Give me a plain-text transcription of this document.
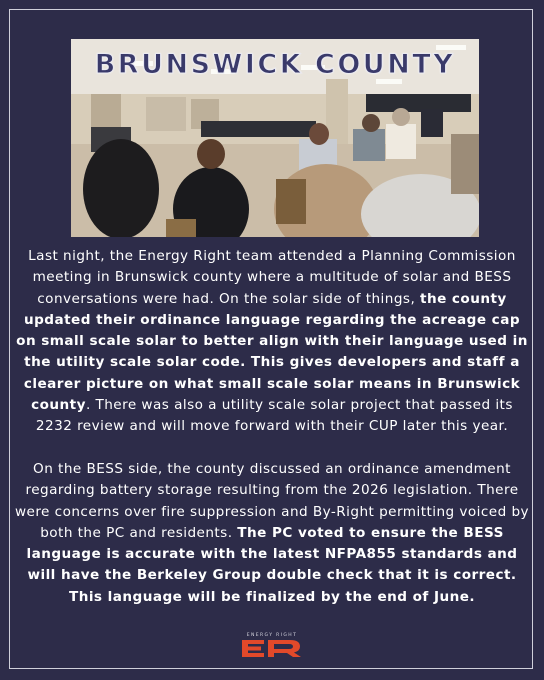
BRUNSWICK COUNTY

Last night, the Energy Right team attended a Planning Commission meeting in Brunswick county where a multitude of solar and BESS conversations were had. On the solar side of things, the county updated their ordinance language regarding the acreage cap on small scale solar to better align with their language used in the utility scale solar code. This gives developers and staff a clearer picture on what small scale solar means in Brunswick county. There was also a utility scale solar project that passed its 2232 review and will move forward with their CUP later this year.

On the BESS side, the county discussed an ordinance amendment regarding battery storage resulting from the 2026 legislation. There were concerns over fire suppression and By-Right permitting voiced by both the PC and residents. The PC voted to ensure the BESS language is accurate with the latest NFPA855 standards and will have the Berkeley Group double check that it is correct. This language will be finalized by the end of June.

ENERGY RIGHT
